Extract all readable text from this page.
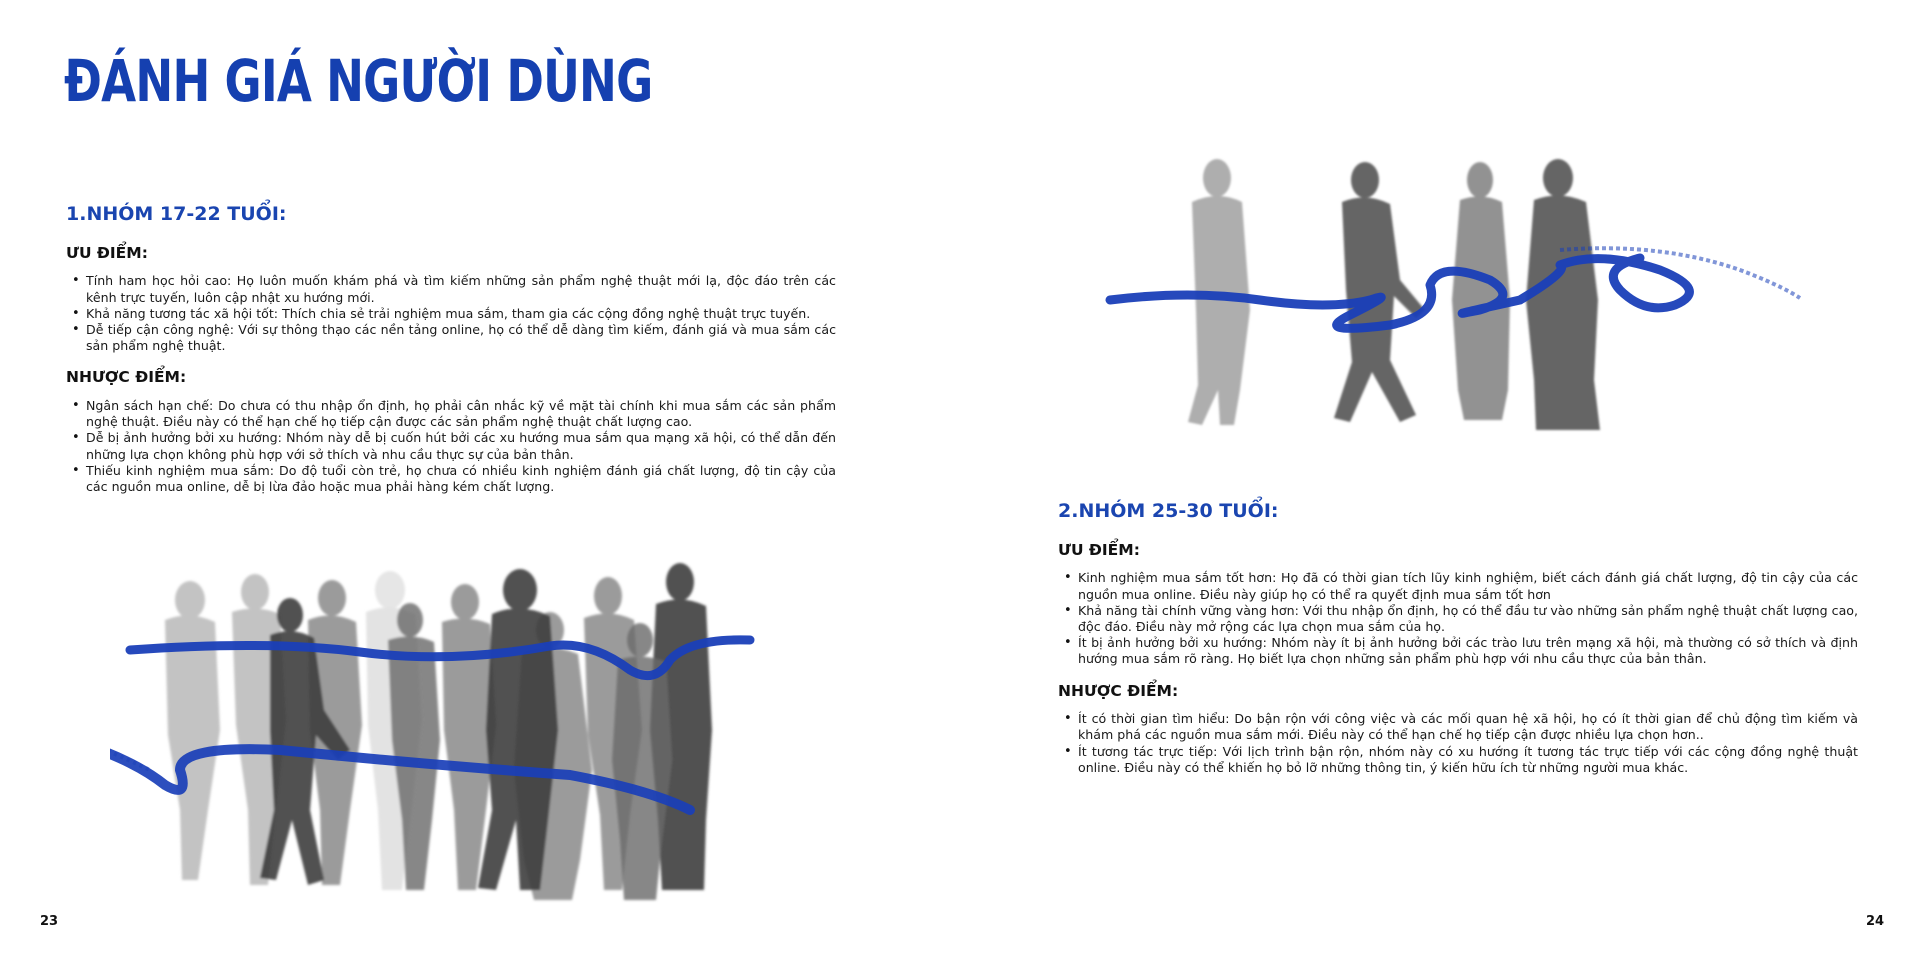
ĐÁNH GIÁ NGƯỜI DÙNG
1.NHÓM 17-22 TUỔI:
ƯU ĐIỂM:
• Tính ham học hỏi cao: Họ luôn muốn khám phá và tìm kiếm những sản phẩm nghệ thuật mới lạ, độc đáo trên các kênh trực tuyến, luôn cập nhật xu hướng mới.
• Khả năng tương tác xã hội tốt: Thích chia sẻ trải nghiệm mua sắm, tham gia các cộng đồng nghệ thuật trực tuyến.
• Dễ tiếp cận công nghệ: Với sự thông thạo các nền tảng online, họ có thể dễ dàng tìm kiếm, đánh giá và mua sắm các sản phẩm nghệ thuật.
NHƯỢC ĐIỂM:
• Ngân sách hạn chế: Do chưa có thu nhập ổn định, họ phải cân nhắc kỹ về mặt tài chính khi mua sắm các sản phẩm nghệ thuật. Điều này có thể hạn chế họ tiếp cận được các sản phẩm nghệ thuật chất lượng cao.
• Dễ bị ảnh hưởng bởi xu hướng: Nhóm này dễ bị cuốn hút bởi các xu hướng mua sắm qua mạng xã hội, có thể dẫn đến những lựa chọn không phù hợp với sở thích và nhu cầu thực sự của bản thân.
• Thiếu kinh nghiệm mua sắm: Do độ tuổi còn trẻ, họ chưa có nhiều kinh nghiệm đánh giá chất lượng, độ tin cậy của các nguồn mua online, dễ bị lừa đảo hoặc mua phải hàng kém chất lượng.
2.NHÓM 25-30 TUỔI:
ƯU ĐIỂM:
• Kinh nghiệm mua sắm tốt hơn: Họ đã có thời gian tích lũy kinh nghiệm, biết cách đánh giá chất lượng, độ tin cậy của các nguồn mua online. Điều này giúp họ có thể ra quyết định mua sắm tốt hơn
• Khả năng tài chính vững vàng hơn: Với thu nhập ổn định, họ có thể đầu tư vào những sản phẩm nghệ thuật chất lượng cao, độc đáo. Điều này mở rộng các lựa chọn mua sắm của họ.
• Ít bị ảnh hưởng bởi xu hướng: Nhóm này ít bị ảnh hưởng bởi các trào lưu trên mạng xã hội, mà thường có sở thích và định hướng mua sắm rõ ràng. Họ biết lựa chọn những sản phẩm phù hợp với nhu cầu thực của bản thân.
NHƯỢC ĐIỂM:
• Ít có thời gian tìm hiểu: Do bận rộn với công việc và các mối quan hệ xã hội, họ có ít thời gian để chủ động tìm kiếm và khám phá các nguồn mua sắm mới. Điều này có thể hạn chế họ tiếp cận được nhiều lựa chọn hơn..
• Ít tương tác trực tiếp: Với lịch trình bận rộn, nhóm này có xu hướng ít tương tác trực tiếp với các cộng đồng nghệ thuật online. Điều này có thể khiến họ bỏ lỡ những thông tin, ý kiến hữu ích từ những người mua khác.
23	24
